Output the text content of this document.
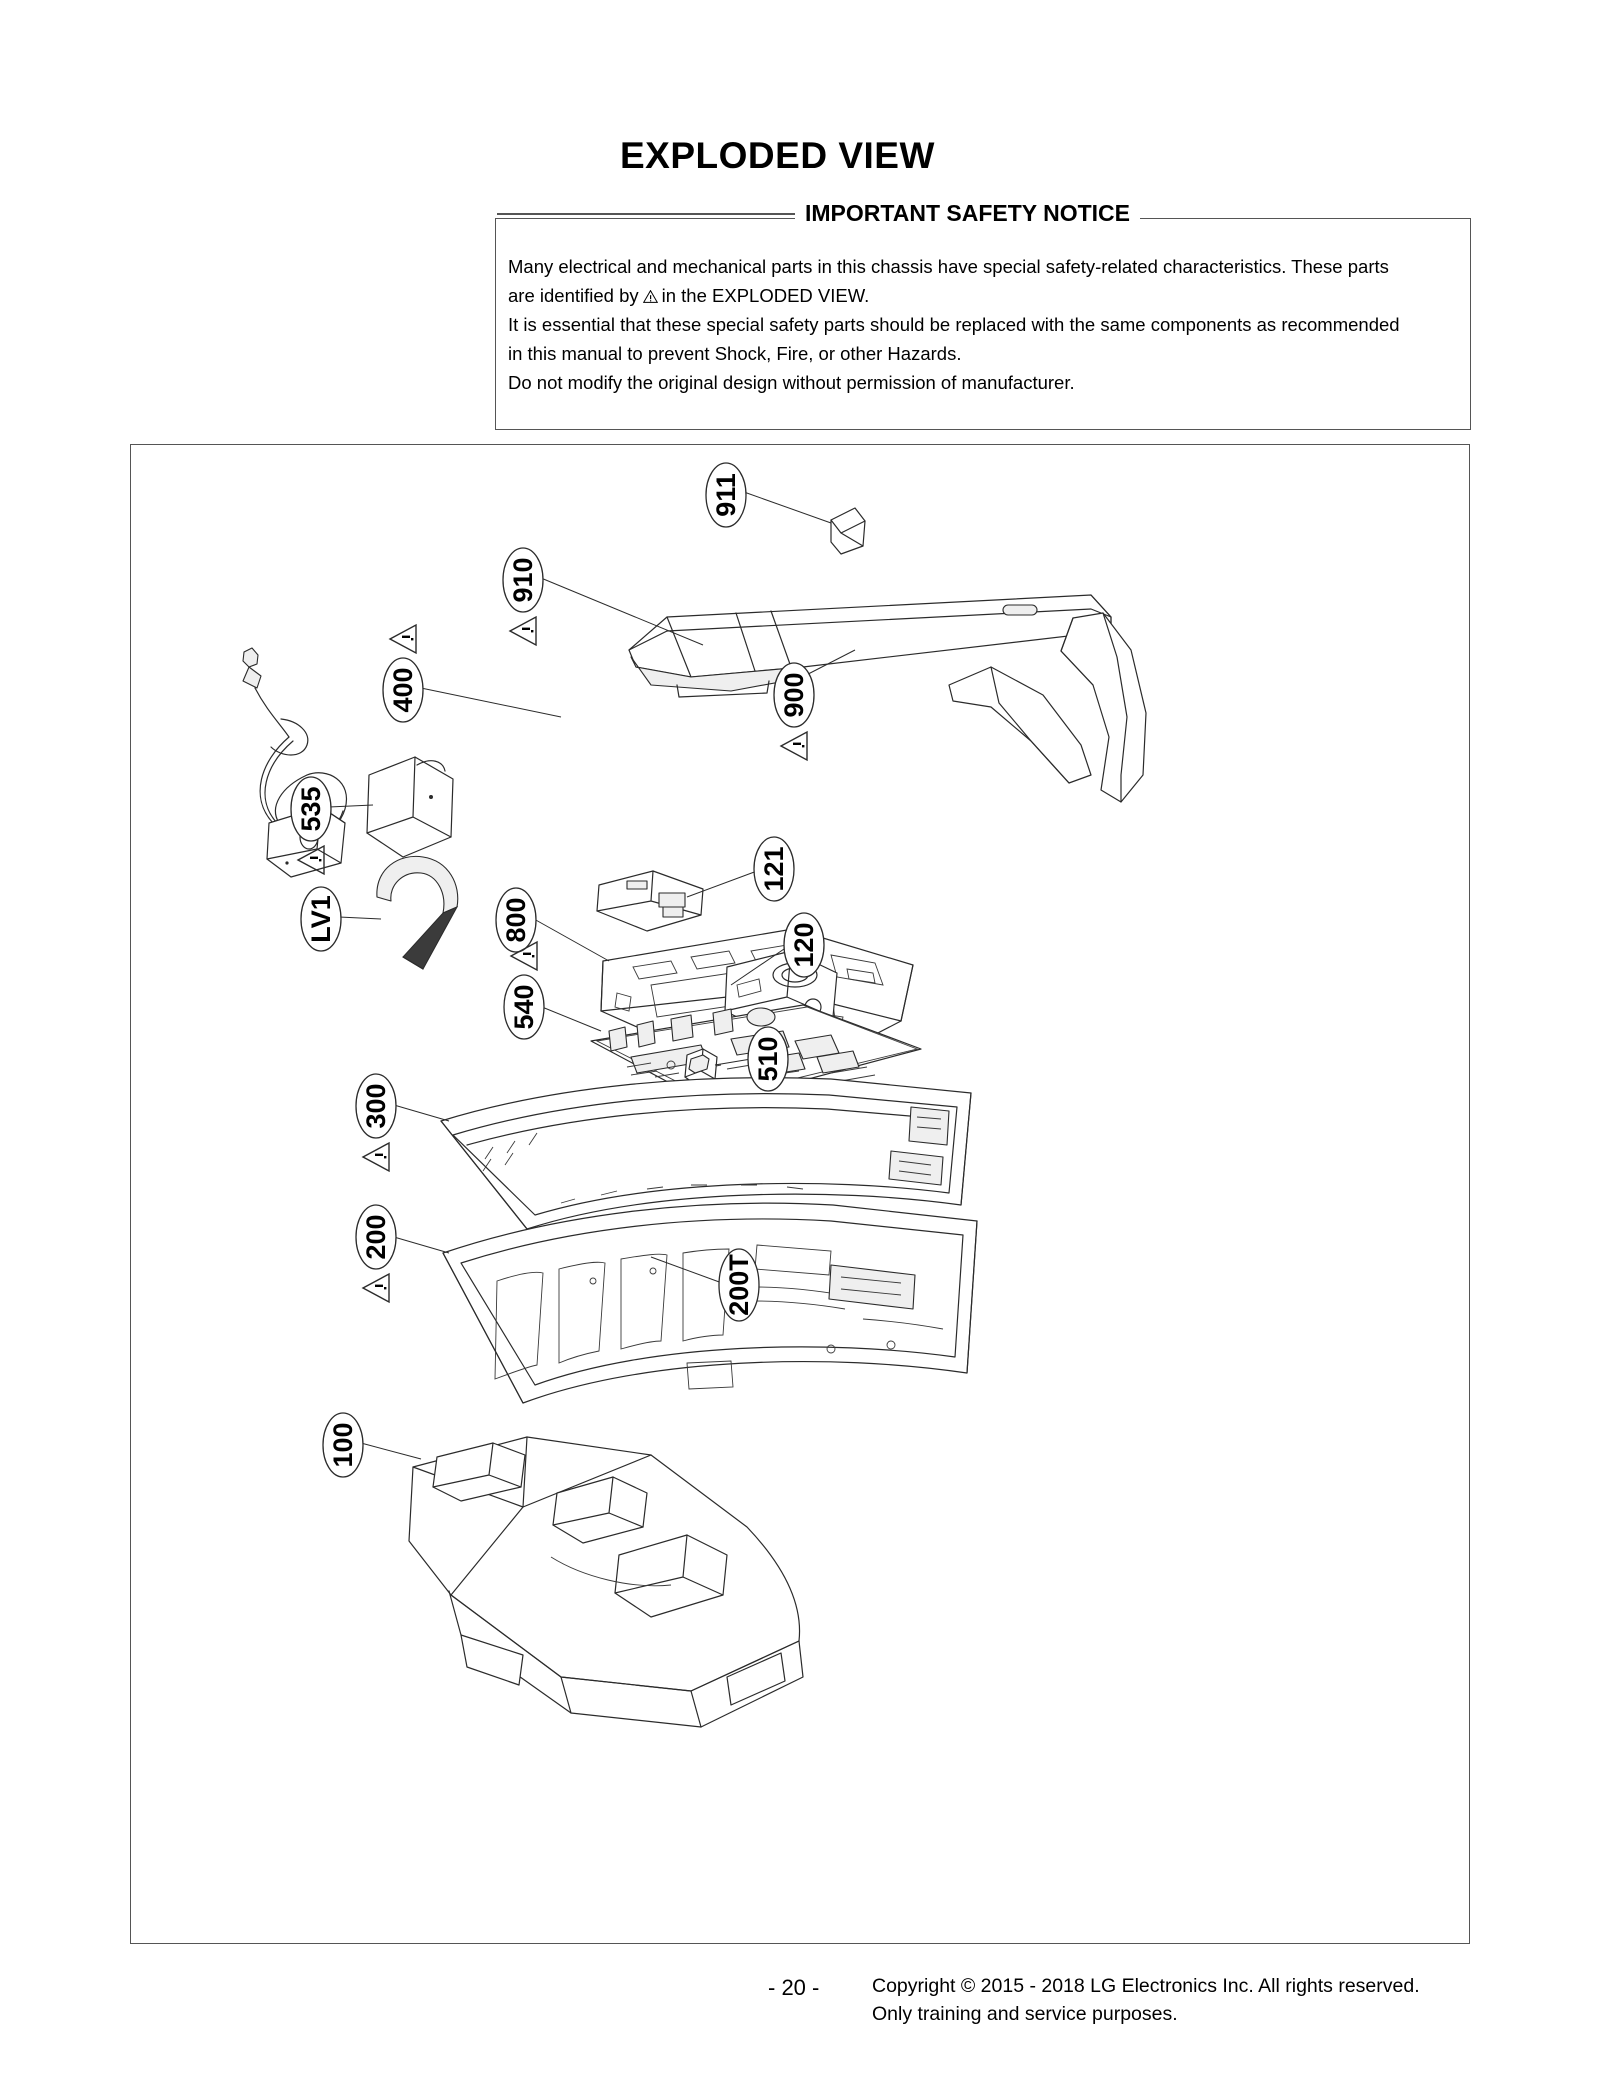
EXPLODED VIEW
IMPORTANT SAFETY NOTICE

Many electrical and mechanical parts in this chassis have special safety-related characteristics. These parts

are identified by in the EXPLODED VIEW.

It is essential that these special safety parts should be replaced with the same components as recommended

in this manual to prevent Shock, Fire, or other Hazards.

Do not modify the original design without permission of manufacturer.

911
910
400	900
535
LV1
121
800
120
540
510
300
200
200T
100
- 20 -	Copyright © 2015 - 2018 LG Electronics Inc. All rights reserved.
Only training and service purposes.
